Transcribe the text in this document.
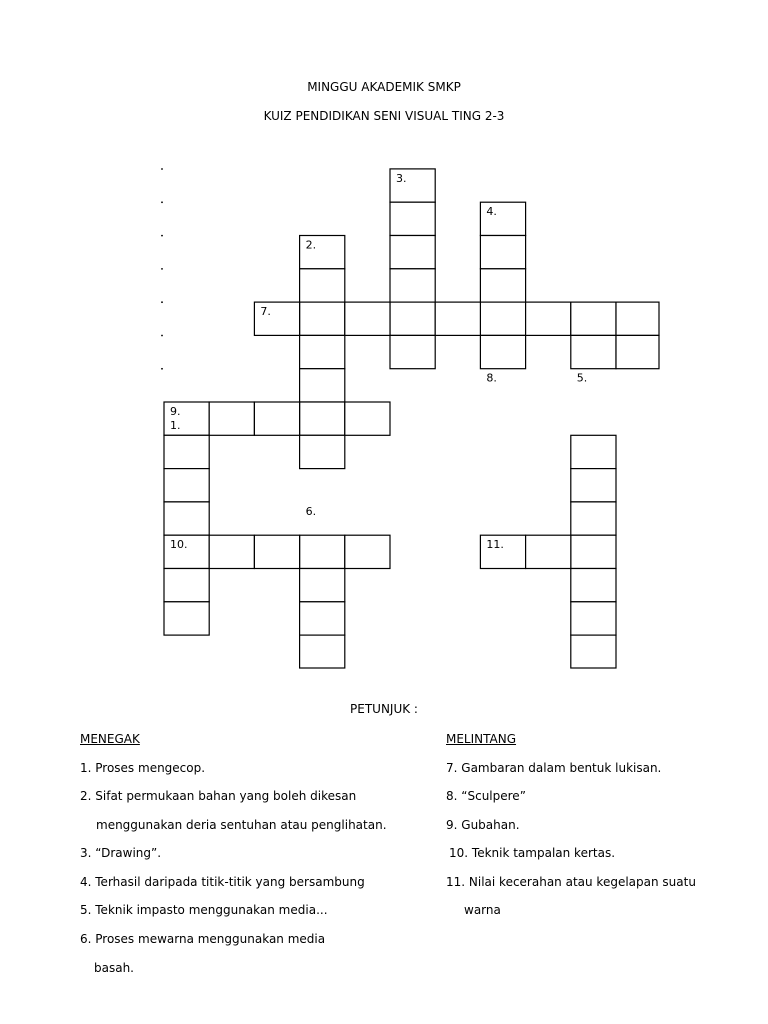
MINGGU AKADEMIK SMKP
KUIZ PENDIDIKAN SENI VISUAL TING 2-3
3.
4.
2.
7.
8.	5.
9.
1.
6.
10.	11.
PETUNJUK :
MENEGAK
1. Proses mengecop.
2. Sifat permukaan bahan yang boleh dikesan
menggunakan deria sentuhan atau penglihatan.
3. “Drawing”.
4. Terhasil daripada titik-titik yang bersambung
5. Teknik impasto menggunakan media...
6. Proses mewarna menggunakan media
basah.
MELINTANG
7. Gambaran dalam bentuk lukisan.
8. “Sculpere”
9. Gubahan.
10. Teknik tampalan kertas.
11. Nilai kecerahan atau kegelapan suatu
warna
